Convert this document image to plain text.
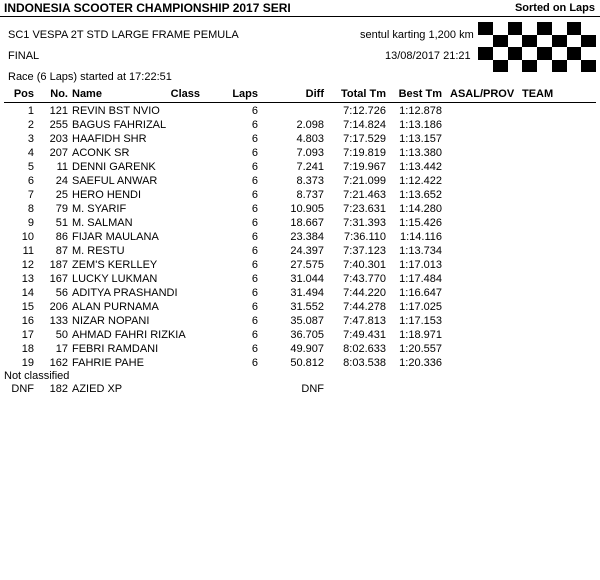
INDONESIA SCOOTER CHAMPIONSHIP 2017 SERI	Sorted on Laps
SC1 VESPA 2T STD LARGE FRAME PEMULA
FINAL
Race (6 Laps) started at 17:22:51
sentul karting 1,200 km
13/08/2017 21:21
Pos	No. Name	Class	Laps	Diff Total Tm	Best Tm ASAL/PROV TEAM
1	121 REVIN BST NVIO	6	7:12.726 1:12.878
2	255 BAGUS FAHRIZAL	6	2.098 7:14.824 1:13.186
3	203 HAAFIDH SHR	6	4.803 7:17.529 1:13.157
4	207 ACONK SR	6	7.093 7:19.819 1:13.380
5	11 DENNI GARENK	6	7.241 7:19.967 1:13.442
6	24 SAEFUL ANWAR	6	8.373 7:21.099 1:12.422
7	25 HERO HENDI	6	8.737 7:21.463 1:13.652
8	79 M. SYARIF	6	10.905 7:23.631 1:14.280
9	51 M. SALMAN	6	18.667 7:31.393 1:15.426
10	86 FIJAR MAULANA	6	23.384	7:36.110 1:14.116
11	87 M. RESTU	6	24.397 7:37.123 1:13.734
12	187 ZEM'S KERLLEY	6	27.575 7:40.301 1:17.013
13	167 LUCKY LUKMAN	6	31.044 7:43.770 1:17.484
14	56 ADITYA PRASHANDI	6	31.494 7:44.220 1:16.647
15	206 ALAN PURNAMA	6	31.552 7:44.278 1:17.025
16	133 NIZAR NOPANI	6	35.087 7:47.813 1:17.153
17	50 AHMAD FAHRI RIZKIA	6	36.705 7:49.431 1:18.971
18	17 FEBRI RAMDANI	6	49.907 8:02.633 1:20.557
19	162 FAHRIE PAHE	6	50.812 8:03.538 1:20.336
Not classified
DNF	182 AZIED XP	DNF
